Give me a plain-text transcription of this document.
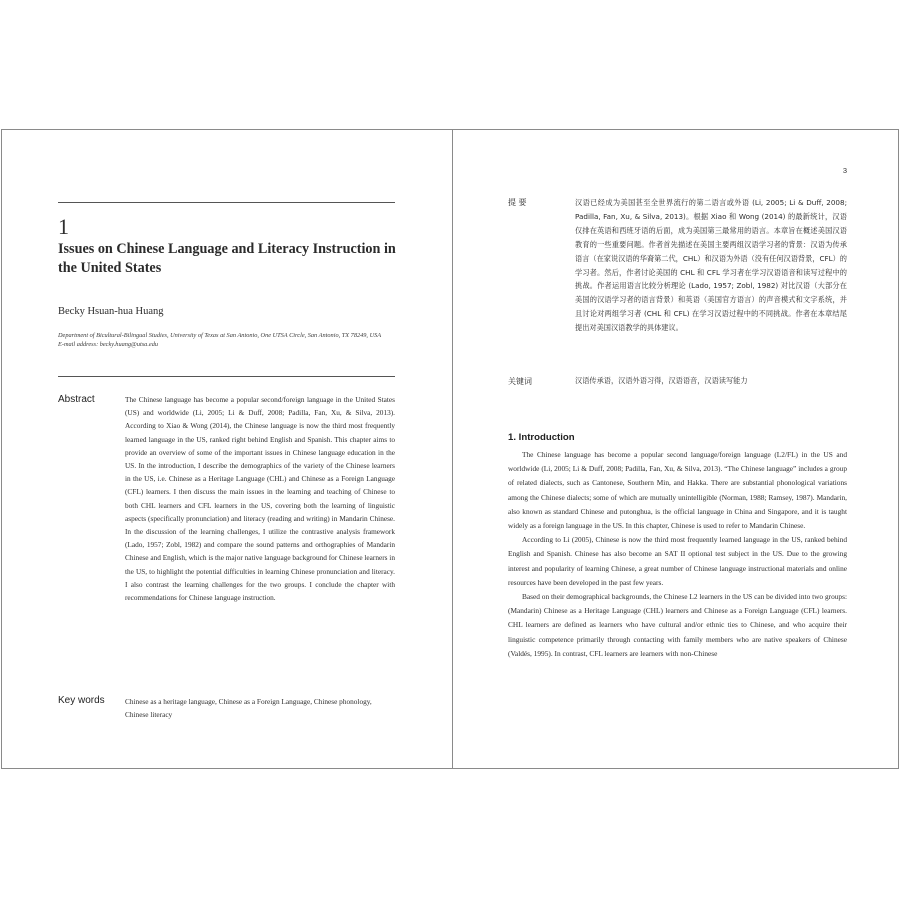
1
Issues on Chinese Language and Literacy Instruction in the United States
Becky Hsuan-hua Huang
Department of Bicultural-Bilingual Studies, University of Texas at San Antonio, One UTSA Circle, San Antonio, TX 78249, USA
E-mail address: becky.huang@utsa.edu
Abstract	The Chinese language has become a popular second/foreign language in the United States (US) and worldwide (Li, 2005; Li & Duff, 2008; Padilla, Fan, Xu, & Silva, 2013). According to Xiao & Wong (2014), the Chinese language is now the third most frequently learned language in the US, ranked right behind English and Spanish. This chapter aims to provide an overview of some of the important issues in Chinese language education in the US. In the introduction, I describe the demographics of the variety of the Chinese learners in the US, i.e. Chinese as a Heritage Language (CHL) and Chinese as a Foreign Language (CFL) learners. I then discuss the main issues in the learning and teaching of Chinese to both CHL learners and CFL learners in the US, covering both the learning of linguistic aspects (specifically pronunciation) and literacy (reading and writing) in Mandarin Chinese. In the discussion of the learning challenges, I utilize the contrastive analysis framework (Lado, 1957; Zobl, 1982) and compare the sound patterns and orthographies of Mandarin Chinese and English, which is the major native language background for Chinese learners in the US, to highlight the potential difficulties in learning Chinese pronunciation and literacy. I also contrast the learning challenges for the two groups. I conclude the chapter with recommendations for Chinese language instruction.
Key words	Chinese as a heritage language, Chinese as a Foreign Language, Chinese phonology, Chinese literacy
3
提 要	汉语已经成为美国甚至全世界流行的第二语言或外语 (Li, 2005; Li & Duff, 2008; Padilla, Fan, Xu, & Silva, 2013)。根据 Xiao 和 Wong (2014) 的最新统计，汉语仅排在英语和西班牙语的后面，成为美国第三最常用的语言。本章旨在概述美国汉语教育的一些重要问题。作者首先描述在美国主要两组汉语学习者的背景：汉语为传承语言（在家说汉语的华裔第二代，CHL）和汉语为外语（没有任何汉语背景，CFL）的学习者。然后，作者讨论美国的 CHL 和 CFL 学习者在学习汉语语音和读写过程中的挑战。作者运用语言比较分析理论 (Lado, 1957; Zobl, 1982) 对比汉语（大部分在美国的汉语学习者的语言背景）和英语（美国官方语言）的声音模式和文字系统，并且讨论对两组学习者 (CHL 和 CFL) 在学习汉语过程中的不同挑战。作者在本章结尾提出对美国汉语教学的具体建议。
关键词	汉语传承语，汉语外语习得，汉语语音，汉语读写能力
1. Introduction

The Chinese language has become a popular second language/foreign language (L2/FL) in the US and worldwide (Li, 2005; Li & Duff, 2008; Padilla, Fan, Xu, & Silva, 2013). “The Chinese language” includes a group of related dialects, such as Cantonese, Southern Min, and Hakka. There are substantial phonological variations among the Chinese dialects; some of which are mutually unintelligible (Norman, 1988; Ramsey, 1987). Mandarin, also known as standard Chinese and putonghua, is the official language in China and Singapore, and it is taught widely as a foreign language in the US. In this chapter, Chinese is used to refer to Mandarin Chinese.

According to Li (2005), Chinese is now the third most frequently learned language in the US, ranked behind English and Spanish. Chinese has also become an SAT II optional test subject in the US. Due to the growing interest and popularity of learning Chinese, a great number of Chinese language instructional materials and online resources have been developed in the past few years.

Based on their demographical backgrounds, the Chinese L2 learners in the US can be divided into two groups: (Mandarin) Chinese as a Heritage Language (CHL) learners and Chinese as a Foreign Language (CFL) learners. CHL learners are defined as learners who have cultural and/or ethnic ties to Chinese, and who acquire their linguistic competence primarily through contacting with family members who are native speakers of Chinese (Valdés, 1995). In contrast, CFL learners are learners with non-Chinese
